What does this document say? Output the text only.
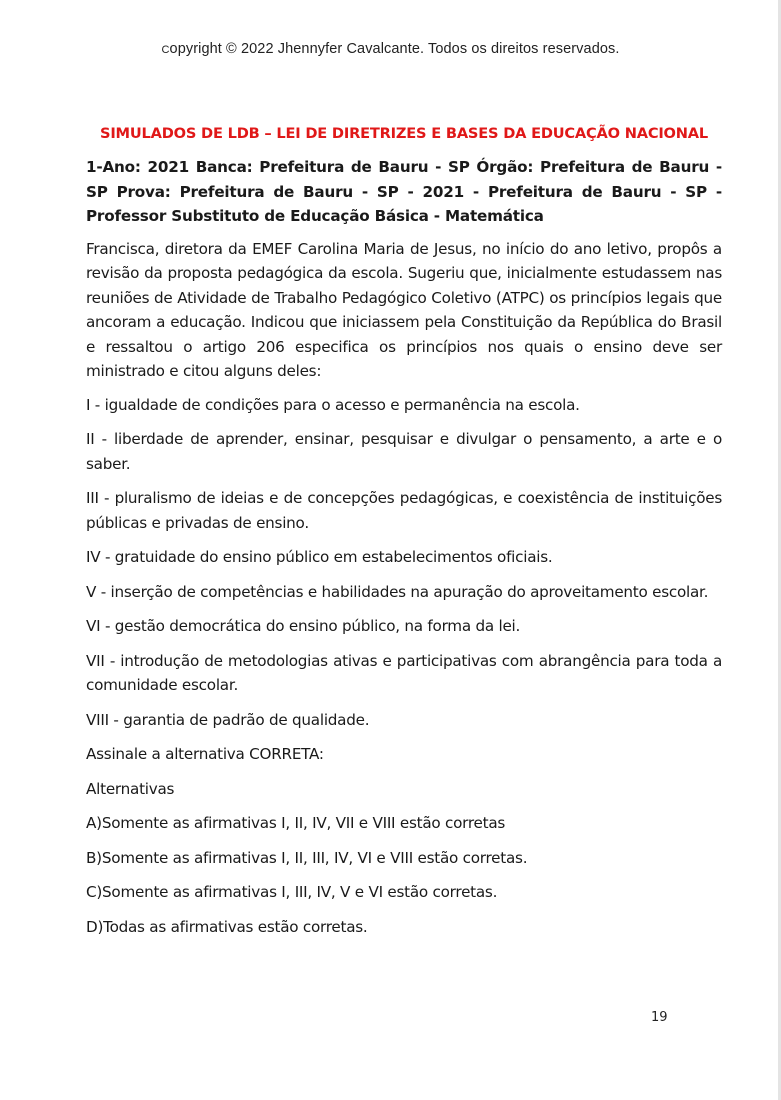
Copyright © 2022 Jhennyfer Cavalcante. Todos os direitos reservados.
SIMULADOS DE LDB – LEI DE DIRETRIZES E BASES DA EDUCAÇÃO NACIONAL
1-Ano: 2021 Banca: Prefeitura de Bauru - SP Órgão: Prefeitura de Bauru - SP Prova: Prefeitura de Bauru - SP - 2021 - Prefeitura de Bauru - SP - Professor Substituto de Educação Básica - Matemática
Francisca, diretora da EMEF Carolina Maria de Jesus, no início do ano letivo, propôs a revisão da proposta pedagógica da escola. Sugeriu que, inicialmente estudassem nas reuniões de Atividade de Trabalho Pedagógico Coletivo (ATPC) os princípios legais que ancoram a educação. Indicou que iniciassem pela Constituição da República do Brasil e ressaltou o artigo 206 especifica os princípios nos quais o ensino deve ser ministrado e citou alguns deles:
I - igualdade de condições para o acesso e permanência na escola.
II - liberdade de aprender, ensinar, pesquisar e divulgar o pensamento, a arte e o saber.
III - pluralismo de ideias e de concepções pedagógicas, e coexistência de instituições públicas e privadas de ensino.
IV - gratuidade do ensino público em estabelecimentos oficiais.
V - inserção de competências e habilidades na apuração do aproveitamento escolar.
VI - gestão democrática do ensino público, na forma da lei.
VII - introdução de metodologias ativas e participativas com abrangência para toda a comunidade escolar.
VIII - garantia de padrão de qualidade.
Assinale a alternativa CORRETA:
Alternativas
A)Somente as afirmativas I, II, IV, VII e VIII estão corretas
B)Somente as afirmativas I, II, III, IV, VI e VIII estão corretas.
C)Somente as afirmativas I, III, IV, V e VI estão corretas.
D)Todas as afirmativas estão corretas.
19
